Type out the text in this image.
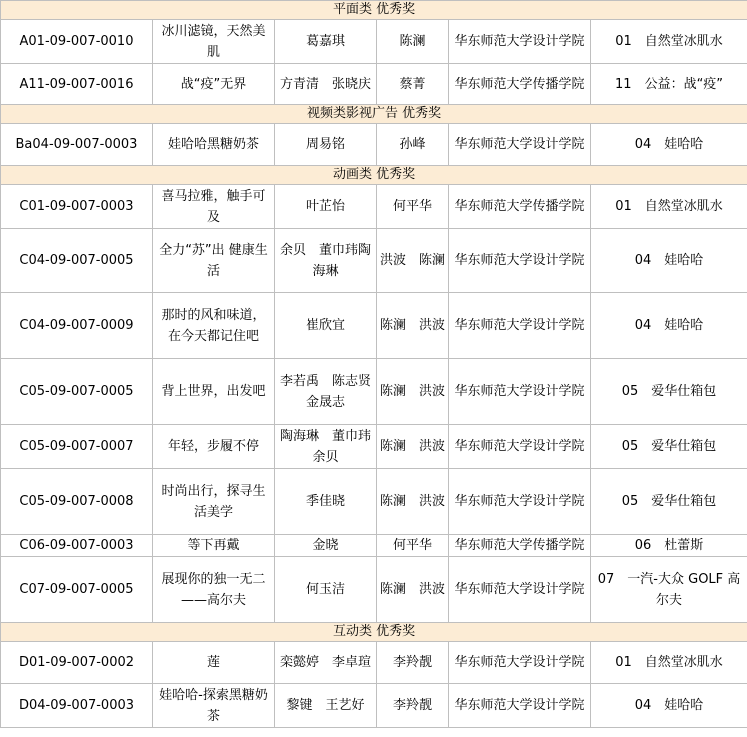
平面类 优秀奖					
A01-09-007-0010	冰川滤镜，天然美肌	葛嘉琪	陈澜	华东师范大学设计学院	01　自然堂冰肌水
A11-09-007-0016	战“疫”无界	方青清　张晓庆	蔡菁	华东师范大学传播学院	11　公益：战“疫”
视频类影视广告 优秀奖					
Ba04-09-007-0003	娃哈哈黑糖奶茶	周易铭	孙峰	华东师范大学设计学院	04　娃哈哈
动画类 优秀奖					
C01-09-007-0003	喜马拉雅，触手可及	叶芷怡	何平华	华东师范大学传播学院	01　自然堂冰肌水
C04-09-007-0005	全力“苏”出 健康生活	余贝　董巾玮陶海琳	洪波　陈澜	华东师范大学设计学院	04　娃哈哈
C04-09-007-0009	那时的风和味道，在今天都记住吧	崔欣宜	陈澜　洪波	华东师范大学设计学院	04　娃哈哈
C05-09-007-0005	背上世界，出发吧	李若禹　陈志贤金晟志	陈澜　洪波	华东师范大学设计学院	05　爱华仕箱包
C05-09-007-0007	年轻，步履不停	陶海琳　董巾玮余贝	陈澜　洪波	华东师范大学设计学院	05　爱华仕箱包
C05-09-007-0008	时尚出行，探寻生活美学	季佳晓	陈澜　洪波	华东师范大学设计学院	05　爱华仕箱包
C06-09-007-0003	等下再戴	金晓	何平华	华东师范大学传播学院	06　杜蕾斯
C07-09-007-0005	展现你的独一无二——高尔夫	何玉洁	陈澜　洪波	华东师范大学设计学院	07　一汽-大众 GOLF 高尔夫
互动类 优秀奖					
D01-09-007-0002	莲	栾懿婷　李卓瑄	李羚靓	华东师范大学设计学院	01　自然堂冰肌水
D04-09-007-0003	娃哈哈-探索黑糖奶茶	黎键　王艺好	李羚靓	华东师范大学设计学院	04　娃哈哈
